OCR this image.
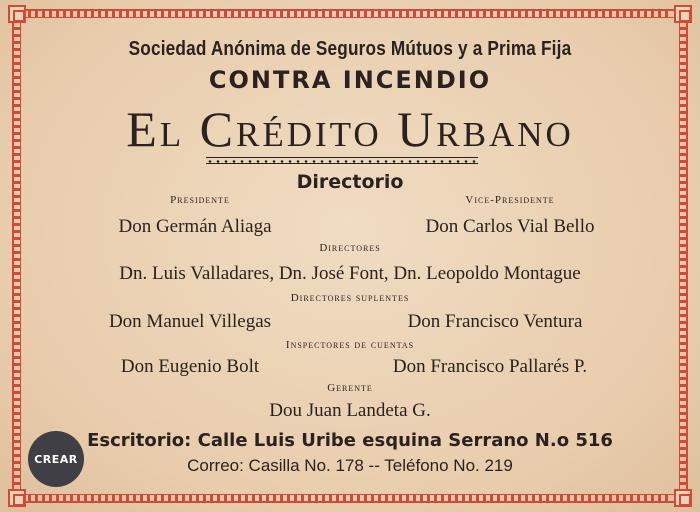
Sociedad Anónima de Seguros Mútuos y a Prima Fija
CONTRA INCENDIO
El Crédito Urbano
Directorio
Presidente	Vice-Presidente
Don Germán Aliaga	Don Carlos Vial Bello
Directores
Dn. Luis Valladares, Dn. José Font, Dn. Leopoldo Montague
Directores suplentes
Don Manuel Villegas	Don Francisco Ventura
Inspectores de cuentas
Don Eugenio Bolt	Don Francisco Pallarés P.
Gerente
Dou Juan Landeta G.
Escritorio: Calle Luis Uribe esquina Serrano N.o 516
Correo: Casilla No. 178 -- Teléfono No. 219
CREAR
